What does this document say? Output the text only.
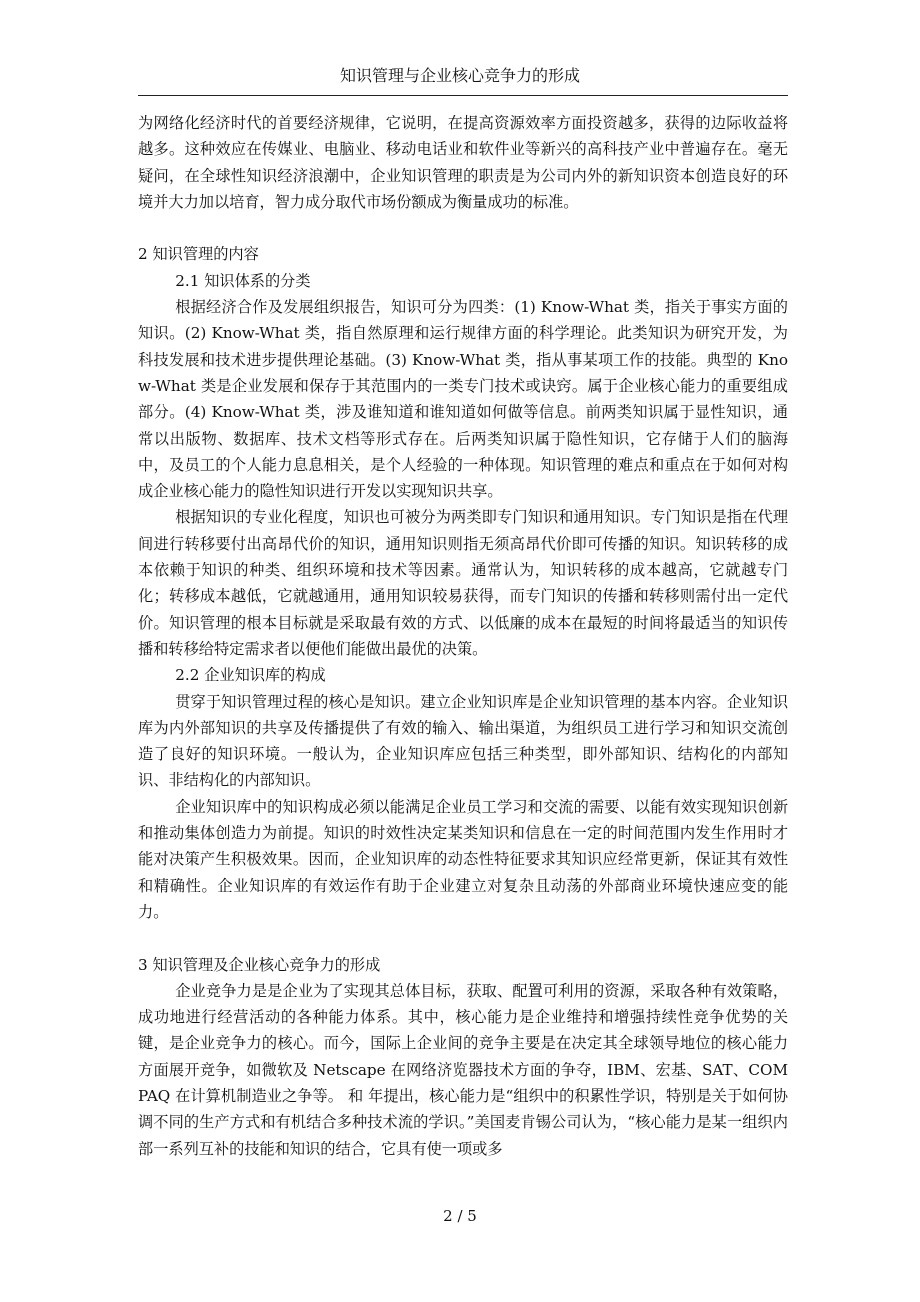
知识管理与企业核心竞争力的形成

为网络化经济时代的首要经济规律，它说明，在提高资源效率方面投资越多，获得的边际收益将越多。这种效应在传媒业、电脑业、移动电话业和软件业等新兴的高科技产业中普遍存在。毫无疑问，在全球性知识经济浪潮中，企业知识管理的职责是为公司内外的新知识资本创造良好的环境并大力加以培育，智力成分取代市场份额成为衡量成功的标准。

2 知识管理的内容
2.1 知识体系的分类

根据经济合作及发展组织报告，知识可分为四类：(1) Know-What 类，指关于事实方面的知识。(2) Know-What 类，指自然原理和运行规律方面的科学理论。此类知识为研究开发，为科技发展和技术进步提供理论基础。(3) Know-What 类，指从事某项工作的技能。典型的 Know-What 类是企业发展和保存于其范围内的一类专门技术或诀窍。属于企业核心能力的重要组成部分。(4) Know-What 类，涉及谁知道和谁知道如何做等信息。前两类知识属于显性知识，通常以出版物、数据库、技术文档等形式存在。后两类知识属于隐性知识，它存储于人们的脑海中，及员工的个人能力息息相关，是个人经验的一种体现。知识管理的难点和重点在于如何对构成企业核心能力的隐性知识进行开发以实现知识共享。

根据知识的专业化程度，知识也可被分为两类即专门知识和通用知识。专门知识是指在代理间进行转移要付出高昂代价的知识，通用知识则指无须高昂代价即可传播的知识。知识转移的成本依赖于知识的种类、组织环境和技术等因素。通常认为，知识转移的成本越高，它就越专门化；转移成本越低，它就越通用，通用知识较易获得，而专门知识的传播和转移则需付出一定代价。知识管理的根本目标就是采取最有效的方式、以低廉的成本在最短的时间将最适当的知识传播和转移给特定需求者以便他们能做出最优的决策。

2.2 企业知识库的构成

贯穿于知识管理过程的核心是知识。建立企业知识库是企业知识管理的基本内容。企业知识库为内外部知识的共享及传播提供了有效的输入、输出渠道，为组织员工进行学习和知识交流创造了良好的知识环境。一般认为，企业知识库应包括三种类型，即外部知识、结构化的内部知识、非结构化的内部知识。

企业知识库中的知识构成必须以能满足企业员工学习和交流的需要、以能有效实现知识创新和推动集体创造力为前提。知识的时效性决定某类知识和信息在一定的时间范围内发生作用时才能对决策产生积极效果。因而，企业知识库的动态性特征要求其知识应经常更新，保证其有效性和精确性。企业知识库的有效运作有助于企业建立对复杂且动荡的外部商业环境快速应变的能力。

3 知识管理及企业核心竞争力的形成

企业竞争力是是企业为了实现其总体目标，获取、配置可利用的资源，采取各种有效策略，成功地进行经营活动的各种能力体系。其中，核心能力是企业维持和增强持续性竞争优势的关键，是企业竞争力的核心。而今，国际上企业间的竞争主要是在决定其全球领导地位的核心能力方面展开竞争，如微软及 Netscape 在网络济览器技术方面的争夺，IBM、宏基、SAT、COMPAQ 在计算机制造业之争等。 和 年提出，核心能力是“组织中的积累性学识，特别是关于如何协调不同的生产方式和有机结合多种技术流的学识。”美国麦肯锡公司认为，“核心能力是某一组织内部一系列互补的技能和知识的结合，它具有使一项或多

2 / 5
